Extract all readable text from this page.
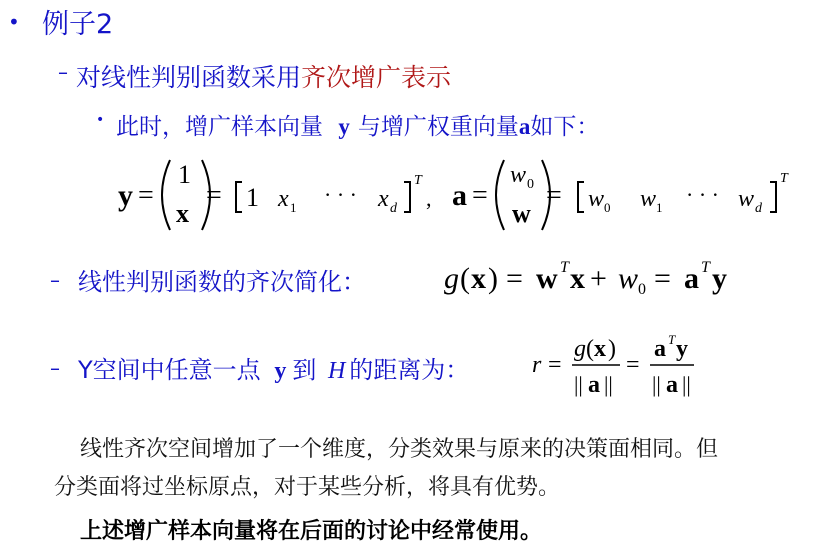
• 例子2
– 对线性判别函数采用齐次增广表示
• 此时，增广样本向量 y 与增广权重向量a如下：
y =
1
x
= 1 x 1
· · · x d
T
, a =
w 0
w
= w 0 w 1
· · · w d
T
– 线性判别函数的齐次简化：	g ( x ) = w T x + w 0 = a T y
– Y空间中任意一点 y 到 H 的距离为：	r =
g ( x )
|| a ||
=
a T y
|| a ||
线性齐次空间增加了一个维度，分类效果与原来的决策面相同。但
分类面将过坐标原点，对于某些分析，将具有优势。
上述增广样本向量将在后面的讨论中经常使用。
